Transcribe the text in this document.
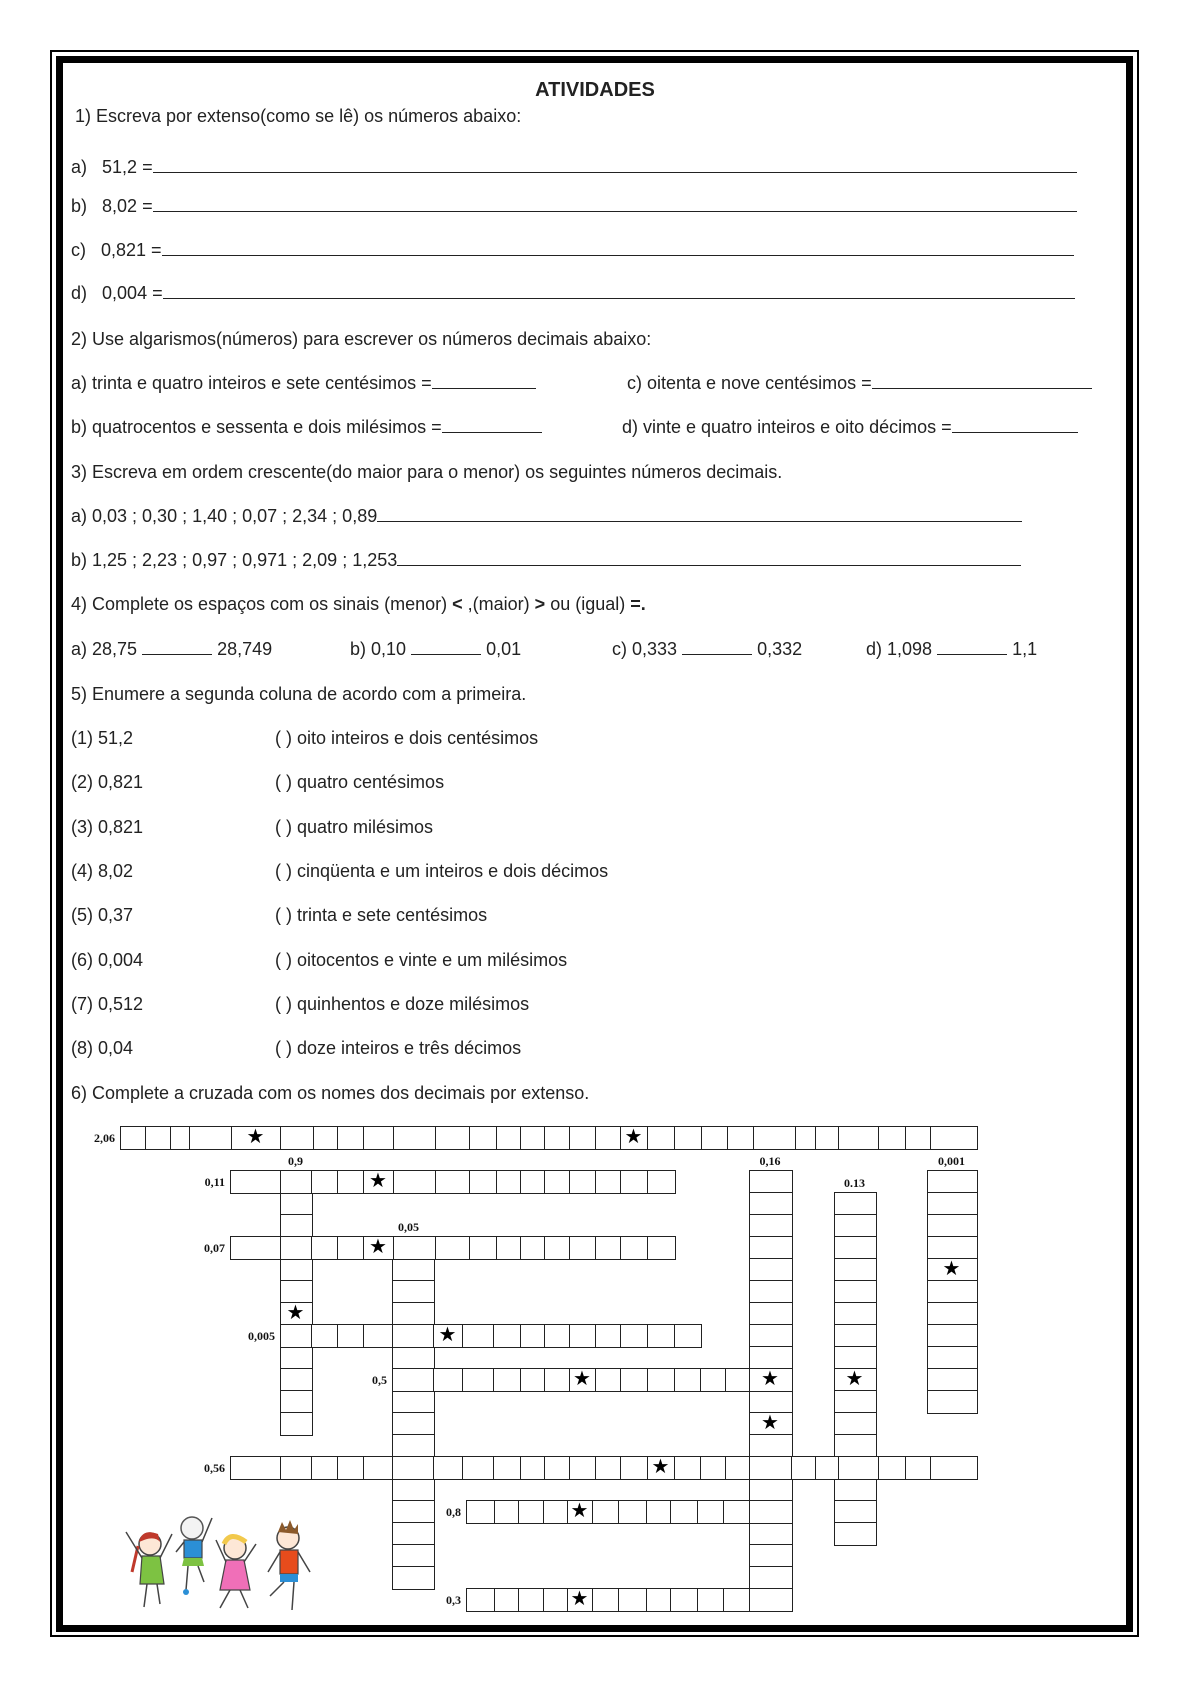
ATIVIDADES
1) Escreva por extenso(como se lê) os números abaixo:
a) 51,2 =
b) 8,02 =
c) 0,821 =
d) 0,004 =
2) Use algarismos(números) para escrever os números decimais abaixo:
a) trinta e quatro inteiros e sete centésimos =	c) oitenta e nove centésimos =
b) quatrocentos e sessenta e dois milésimos =	d) vinte e quatro inteiros e oito décimos =
3) Escreva em ordem crescente(do maior para o menor) os seguintes números decimais.
a) 0,03 ; 0,30 ; 1,40 ; 0,07 ; 2,34 ; 0,89
b) 1,25 ; 2,23 ; 0,97 ; 0,971 ; 2,09 ; 1,253
4) Complete os espaços com os sinais (menor) < ,(maior) > ou (igual) =.
a) 28,75	28,749	b) 0,10	0,01	c) 0,333	0,332	d) 1,098	1,1
5) Enumere a segunda coluna de acordo com a primeira.
(1) 51,2	( ) oito inteiros e dois centésimos
(2) 0,821	( ) quatro centésimos
(3) 0,821	( ) quatro milésimos
(4) 8,02	( ) cinqüenta e um inteiros e dois décimos
(5) 0,37	( ) trinta e sete centésimos
(6) 0,004	( ) oitocentos e vinte e um milésimos
(7) 0,512	( ) quinhentos e doze milésimos
(8) 0,04	( ) doze inteiros e três décimos
6) Complete a cruzada com os nomes dos decimais por extenso.
★
0,9
0,05
★
0,16
★
0.13
★
0,001
★	★
2,06
★
0,11
★
0,07
★
0,005
★	★
0,5
★
0,56
★
0,8
★
0,3
